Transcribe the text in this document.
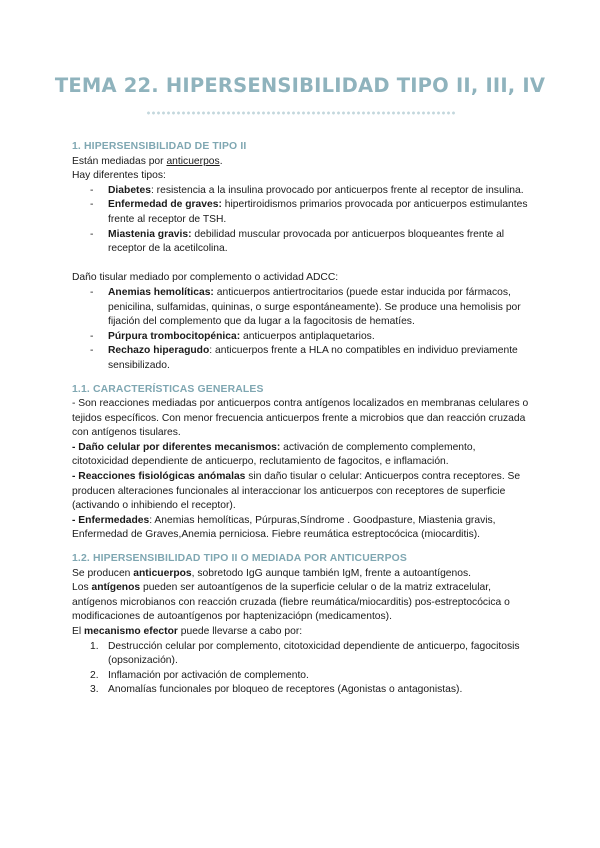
TEMA 22. HIPERSENSIBILIDAD TIPO II, III, IV

1. HIPERSENSIBILIDAD DE TIPO II

Están mediadas por anticuerpos.

Hay diferentes tipos:

- Diabetes: resistencia a la insulina provocado por anticuerpos frente al receptor de insulina.
- Enfermedad de graves: hipertiroidismos primarios provocada por anticuerpos estimulantes frente al receptor de TSH.
- Miastenia gravis: debilidad muscular provocada por anticuerpos bloqueantes frente al receptor de la acetilcolina.

Daño tisular mediado por complemento o actividad ADCC:

- Anemias hemolíticas: anticuerpos antiertrocitarios (puede estar inducida por fármacos, penicilina, sulfamidas, quininas, o surge espontáneamente). Se produce una hemolisis por fijación del complemento que da lugar a la fagocitosis de hematíes.
- Púrpura trombocitopénica: anticuerpos antiplaquetarios.
- Rechazo hiperagudo: anticuerpos frente a HLA no compatibles en individuo previamente sensibilizado.

1.1. CARACTERÍSTICAS GENERALES

- Son reacciones mediadas por anticuerpos contra antígenos localizados en membranas celulares o tejidos específicos. Con menor frecuencia anticuerpos frente a microbios que dan reacción cruzada con antígenos tisulares.

- Daño celular por diferentes mecanismos: activación de complemento complemento, citotoxicidad dependiente de anticuerpo, reclutamiento de fagocitos, e inflamación.

- Reacciones fisiológicas anómalas sin daño tisular o celular: Anticuerpos contra receptores. Se producen alteraciones funcionales al interaccionar los anticuerpos con receptores de superficie (activando o inhibiendo el receptor).

- Enfermedades: Anemias hemolíticas, Púrpuras,Síndrome . Goodpasture, Miastenia gravis, Enfermedad de Graves,Anemia perniciosa. Fiebre reumática estreptocócica (miocarditis).

1.2. HIPERSENSIBILIDAD TIPO II O MEDIADA POR ANTICUERPOS

Se producen anticuerpos, sobretodo IgG aunque también IgM, frente a autoantígenos.

Los antígenos pueden ser autoantígenos de la superficie celular o de la matriz extracelular, antígenos microbianos con reacción cruzada (fiebre reumática/miocarditis) pos-estreptocócica o modificaciones de autoantígenos por haptenizaciópn (medicamentos).

El mecanismo efector puede llevarse a cabo por:

1. Destrucción celular por complemento, citotoxicidad dependiente de anticuerpo, fagocitosis (opsonización).
2. Inflamación por activación de complemento.
3. Anomalías funcionales por bloqueo de receptores (Agonistas o antagonistas).
